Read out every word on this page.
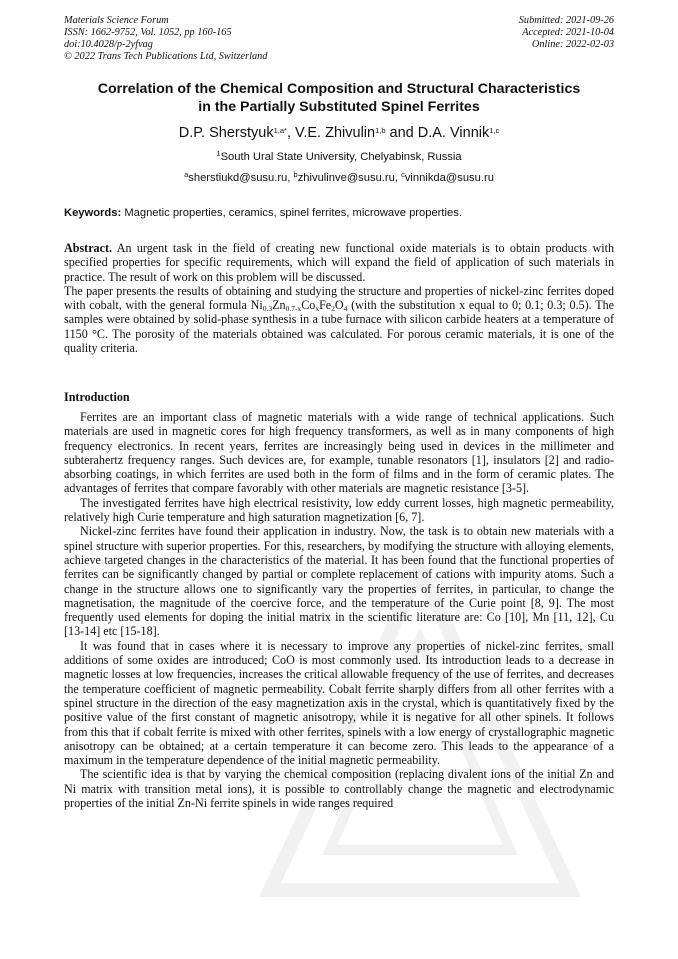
Materials Science Forum
ISSN: 1662-9752, Vol. 1052, pp 160-165
doi:10.4028/p-2yfvag
© 2022 Trans Tech Publications Ltd, Switzerland
Submitted: 2021-09-26
Accepted: 2021-10-04
Online: 2022-02-03
Correlation of the Chemical Composition and Structural Characteristics
in the Partially Substituted Spinel Ferrites
D.P. Sherstyuk$^{1,a*}$, V.E. Zhivulin$^{1,b}$ and D.A. Vinnik$^{1,c}$
$^1$South Ural State University, Chelyabinsk, Russia
$^a$sherstiukd@susu.ru, $^b$zhivulinve@susu.ru, $^c$vinnikda@susu.ru
Keywords: Magnetic properties, ceramics, spinel ferrites, microwave properties.

Abstract. An urgent task in the field of creating new functional oxide materials is to obtain products with specified properties for specific requirements, which will expand the field of application of such materials in practice. The result of work on this problem will be discussed.

The paper presents the results of obtaining and studying the structure and properties of nickel-zinc ferrites doped with cobalt, with the general formula $Ni_{0.3}Zn_{0.7-x}Co_xFe_2O_4$ (with the substitution x equal to 0; 0.1; 0.3; 0.5). The samples were obtained by solid-phase synthesis in a tube furnace with silicon carbide heaters at a temperature of 1150 °C. The porosity of the materials obtained was calculated. For porous ceramic materials, it is one of the quality criteria.

Introduction

Ferrites are an important class of magnetic materials with a wide range of technical applications. Such materials are used in magnetic cores for high frequency transformers, as well as in many components of high frequency electronics. In recent years, ferrites are increasingly being used in devices in the millimeter and subterahertz frequency ranges. Such devices are, for example, tunable resonators [1], insulators [2] and radio-absorbing coatings, in which ferrites are used both in the form of films and in the form of ceramic plates. The advantages of ferrites that compare favorably with other materials are magnetic resistance [3-5].

The investigated ferrites have high electrical resistivity, low eddy current losses, high magnetic permeability, relatively high Curie temperature and high saturation magnetization [6, 7].

Nickel-zinc ferrites have found their application in industry. Now, the task is to obtain new materials with a spinel structure with superior properties. For this, researchers, by modifying the structure with alloying elements, achieve targeted changes in the characteristics of the material. It has been found that the functional properties of ferrites can be significantly changed by partial or complete replacement of cations with impurity atoms. Such a change in the structure allows one to significantly vary the properties of ferrites, in particular, to change the magnetisation, the magnitude of the coercive force, and the temperature of the Curie point [8, 9]. The most frequently used elements for doping the initial matrix in the scientific literature are: Co [10], Mn [11, 12], Cu [13-14] etc [15-18].

It was found that in cases where it is necessary to improve any properties of nickel-zinc ferrites, small additions of some oxides are introduced; CoO is most commonly used. Its introduction leads to a decrease in magnetic losses at low frequencies, increases the critical allowable frequency of the use of ferrites, and decreases the temperature coefficient of magnetic permeability. Cobalt ferrite sharply differs from all other ferrites with a spinel structure in the direction of the easy magnetization axis in the crystal, which is quantitatively fixed by the positive value of the first constant of magnetic anisotropy, while it is negative for all other spinels. It follows from this that if cobalt ferrite is mixed with other ferrites, spinels with a low energy of crystallographic magnetic anisotropy can be obtained; at a certain temperature it can become zero. This leads to the appearance of a maximum in the temperature dependence of the initial magnetic permeability.

The scientific idea is that by varying the chemical composition (replacing divalent ions of the initial Zn and Ni matrix with transition metal ions), it is possible to controllably change the magnetic and electrodynamic properties of the initial Zn-Ni ferrite spinels in wide ranges required
